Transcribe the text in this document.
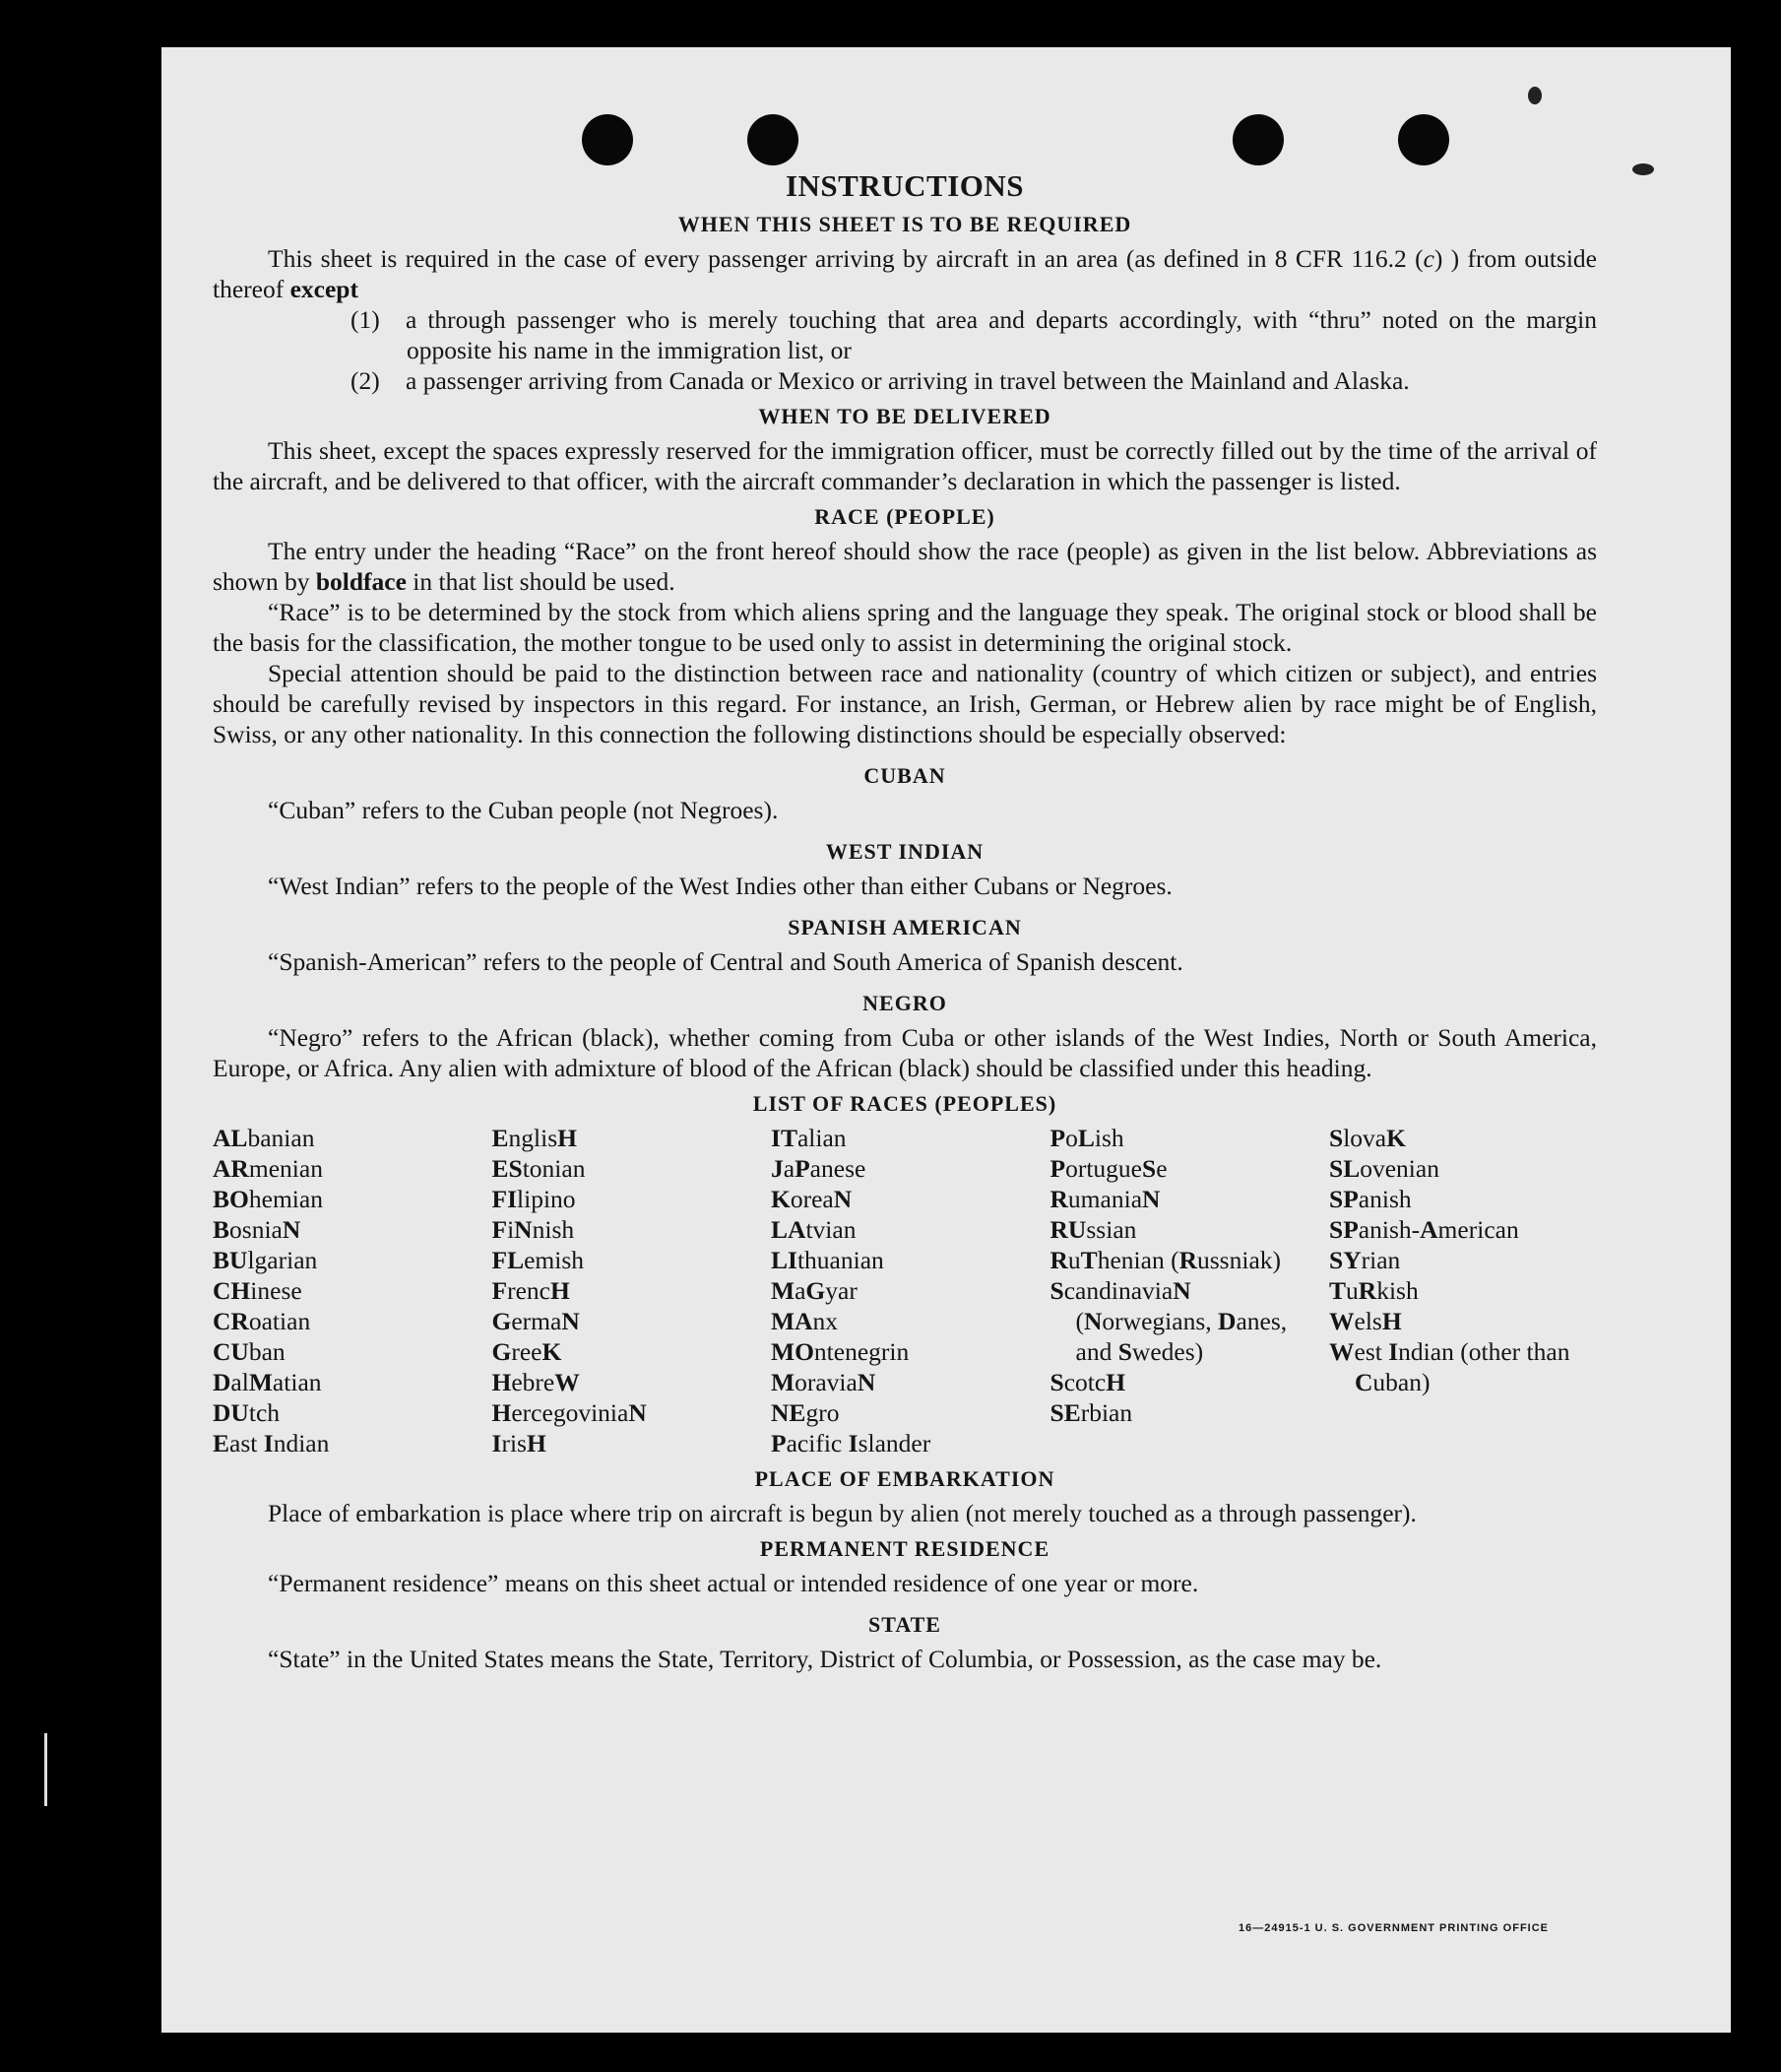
INSTRUCTIONS
WHEN THIS SHEET IS TO BE REQUIRED

This sheet is required in the case of every passenger arriving by aircraft in an area (as defined in 8 CFR 116.2 (c) ) from outside thereof except

(1) a through passenger who is merely touching that area and departs accordingly, with “thru” noted on the margin opposite his name in the immigration list, or
(2) a passenger arriving from Canada or Mexico or arriving in travel between the Mainland and Alaska.
WHEN TO BE DELIVERED

This sheet, except the spaces expressly reserved for the immigration officer, must be correctly filled out by the time of the arrival of the aircraft, and be delivered to that officer, with the aircraft commander’s declaration in which the passenger is listed.

RACE (PEOPLE)

The entry under the heading “Race” on the front hereof should show the race (people) as given in the list below. Abbreviations as shown by boldface in that list should be used.

“Race” is to be determined by the stock from which aliens spring and the language they speak. The original stock or blood shall be the basis for the classification, the mother tongue to be used only to assist in determining the original stock.

Special attention should be paid to the distinction between race and nationality (country of which citizen or subject), and entries should be carefully revised by inspectors in this regard. For instance, an Irish, German, or Hebrew alien by race might be of English, Swiss, or any other nationality. In this connection the following distinctions should be especially observed:

CUBAN

“Cuban” refers to the Cuban people (not Negroes).

WEST INDIAN

“West Indian” refers to the people of the West Indies other than either Cubans or Negroes.

SPANISH AMERICAN

“Spanish-American” refers to the people of Central and South America of Spanish descent.

NEGRO

“Negro” refers to the African (black), whether coming from Cuba or other islands of the West Indies, North or South America, Europe, or Africa. Any alien with admixture of blood of the African (black) should be classified under this heading.

LIST OF RACES (PEOPLES)
ALbanian
ARmenian
BOhemian
BosniaN
BUlgarian
CHinese
CRoatian
CUban
DalMatian
DUtch
East Indian
EnglisH
EStonian
FIlipino
FiNnish
FLemish
FrencH
GermaN
GreeK
HebreW
HercegoviniaN
IrisH
ITalian
JaPanese
KoreaN
LAtvian
LIthuanian
MaGyar
MAnx
MOntenegrin
MoraviaN
NEgro
Pacific Islander
PoLish
PortugueSe
RumaniaN
RUssian
RuThenian (Russniak)
ScandinaviaN (Norwegians, Danes, and Swedes)
ScotcH
SErbian
SlovaK
SLovenian
SPanish
SPanish-American
SYrian
TuRkish
WelsH
West Indian (other than Cuban)
PLACE OF EMBARKATION

Place of embarkation is place where trip on aircraft is begun by alien (not merely touched as a through passenger).

PERMANENT RESIDENCE

“Permanent residence” means on this sheet actual or intended residence of one year or more.

STATE

“State” in the United States means the State, Territory, District of Columbia, or Possession, as the case may be.

16—24915-1 U. S. GOVERNMENT PRINTING OFFICE
